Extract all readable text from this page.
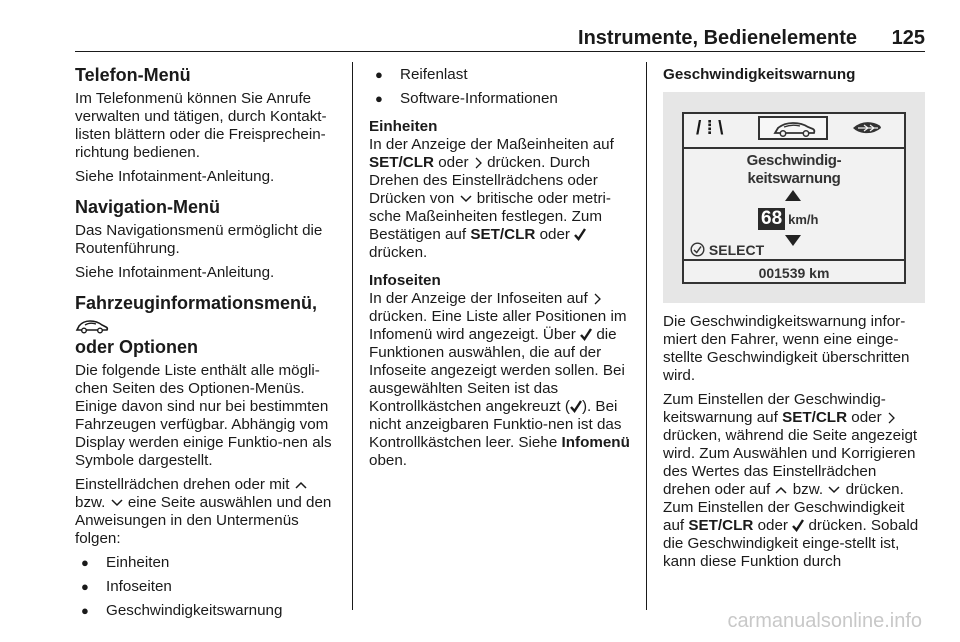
Instrumente, Bedienelemente 125
Telefon-Menü

Im Telefonmenü können Sie Anrufe verwalten und tätigen, durch Kontakt-listen blättern oder die Freisprechein-richtung bedienen.

Siehe Infotainment-Anleitung.

Navigation-Menü

Das Navigationsmenü ermöglicht die Routenführung.

Siehe Infotainment-Anleitung.

Fahrzeuginformationsmenü,
oder Optionen

Die folgende Liste enthält alle mögli-chen Seiten des Optionen-Menüs. Einige davon sind nur bei bestimmten Fahrzeugen verfügbar. Abhängig vom Display werden einige Funktio-nen als Symbole dargestellt.

Einstellrädchen drehen oder mit
bzw. eine Seite auswählen und den Anweisungen in den Untermenüs folgen:

● Einheiten
● Infoseiten
● Geschwindigkeitswarnung
● Reifenlast
● Software-Informationen
Einheiten

In der Anzeige der Maßeinheiten auf SET/CLR oder drücken. Durch Drehen des Einstellrädchens oder Drücken von britische oder metri-sche Maßeinheiten festlegen. Zum Bestätigen auf SET/CLR oder
drücken.

Infoseiten

In der Anzeige der Infoseiten auf  drücken. Eine Liste aller Positionen im Infomenü wird angezeigt. Über die Funktionen auswählen, die auf der Infoseite angezeigt werden sollen. Bei ausgewählten Seiten ist das Kontrollkästchen angekreuzt ( ). Bei nicht anzeigbaren Funktio-nen ist das Kontrollkästchen leer. Siehe Infomenü oben.

Geschwindigkeitswarnung
/ ⁞ \
Geschwindig-
keitswarnung
68 km/h
SELECT
001539 km

Die Geschwindigkeitswarnung infor-miert den Fahrer, wenn eine einge-stellte Geschwindigkeit überschritten wird.

Zum Einstellen der Geschwindig-keitswarnung auf SET/CLR oder  drücken, während die Seite angezeigt wird. Zum Auswählen und Korrigieren des Wertes das Einstellrädchen drehen oder auf bzw. drücken. Zum Einstellen der Geschwindigkeit auf SET/CLR oder drücken. Sobald die Geschwindigkeit einge-stellt ist, kann diese Funktion durch

carmanualsonline.info
